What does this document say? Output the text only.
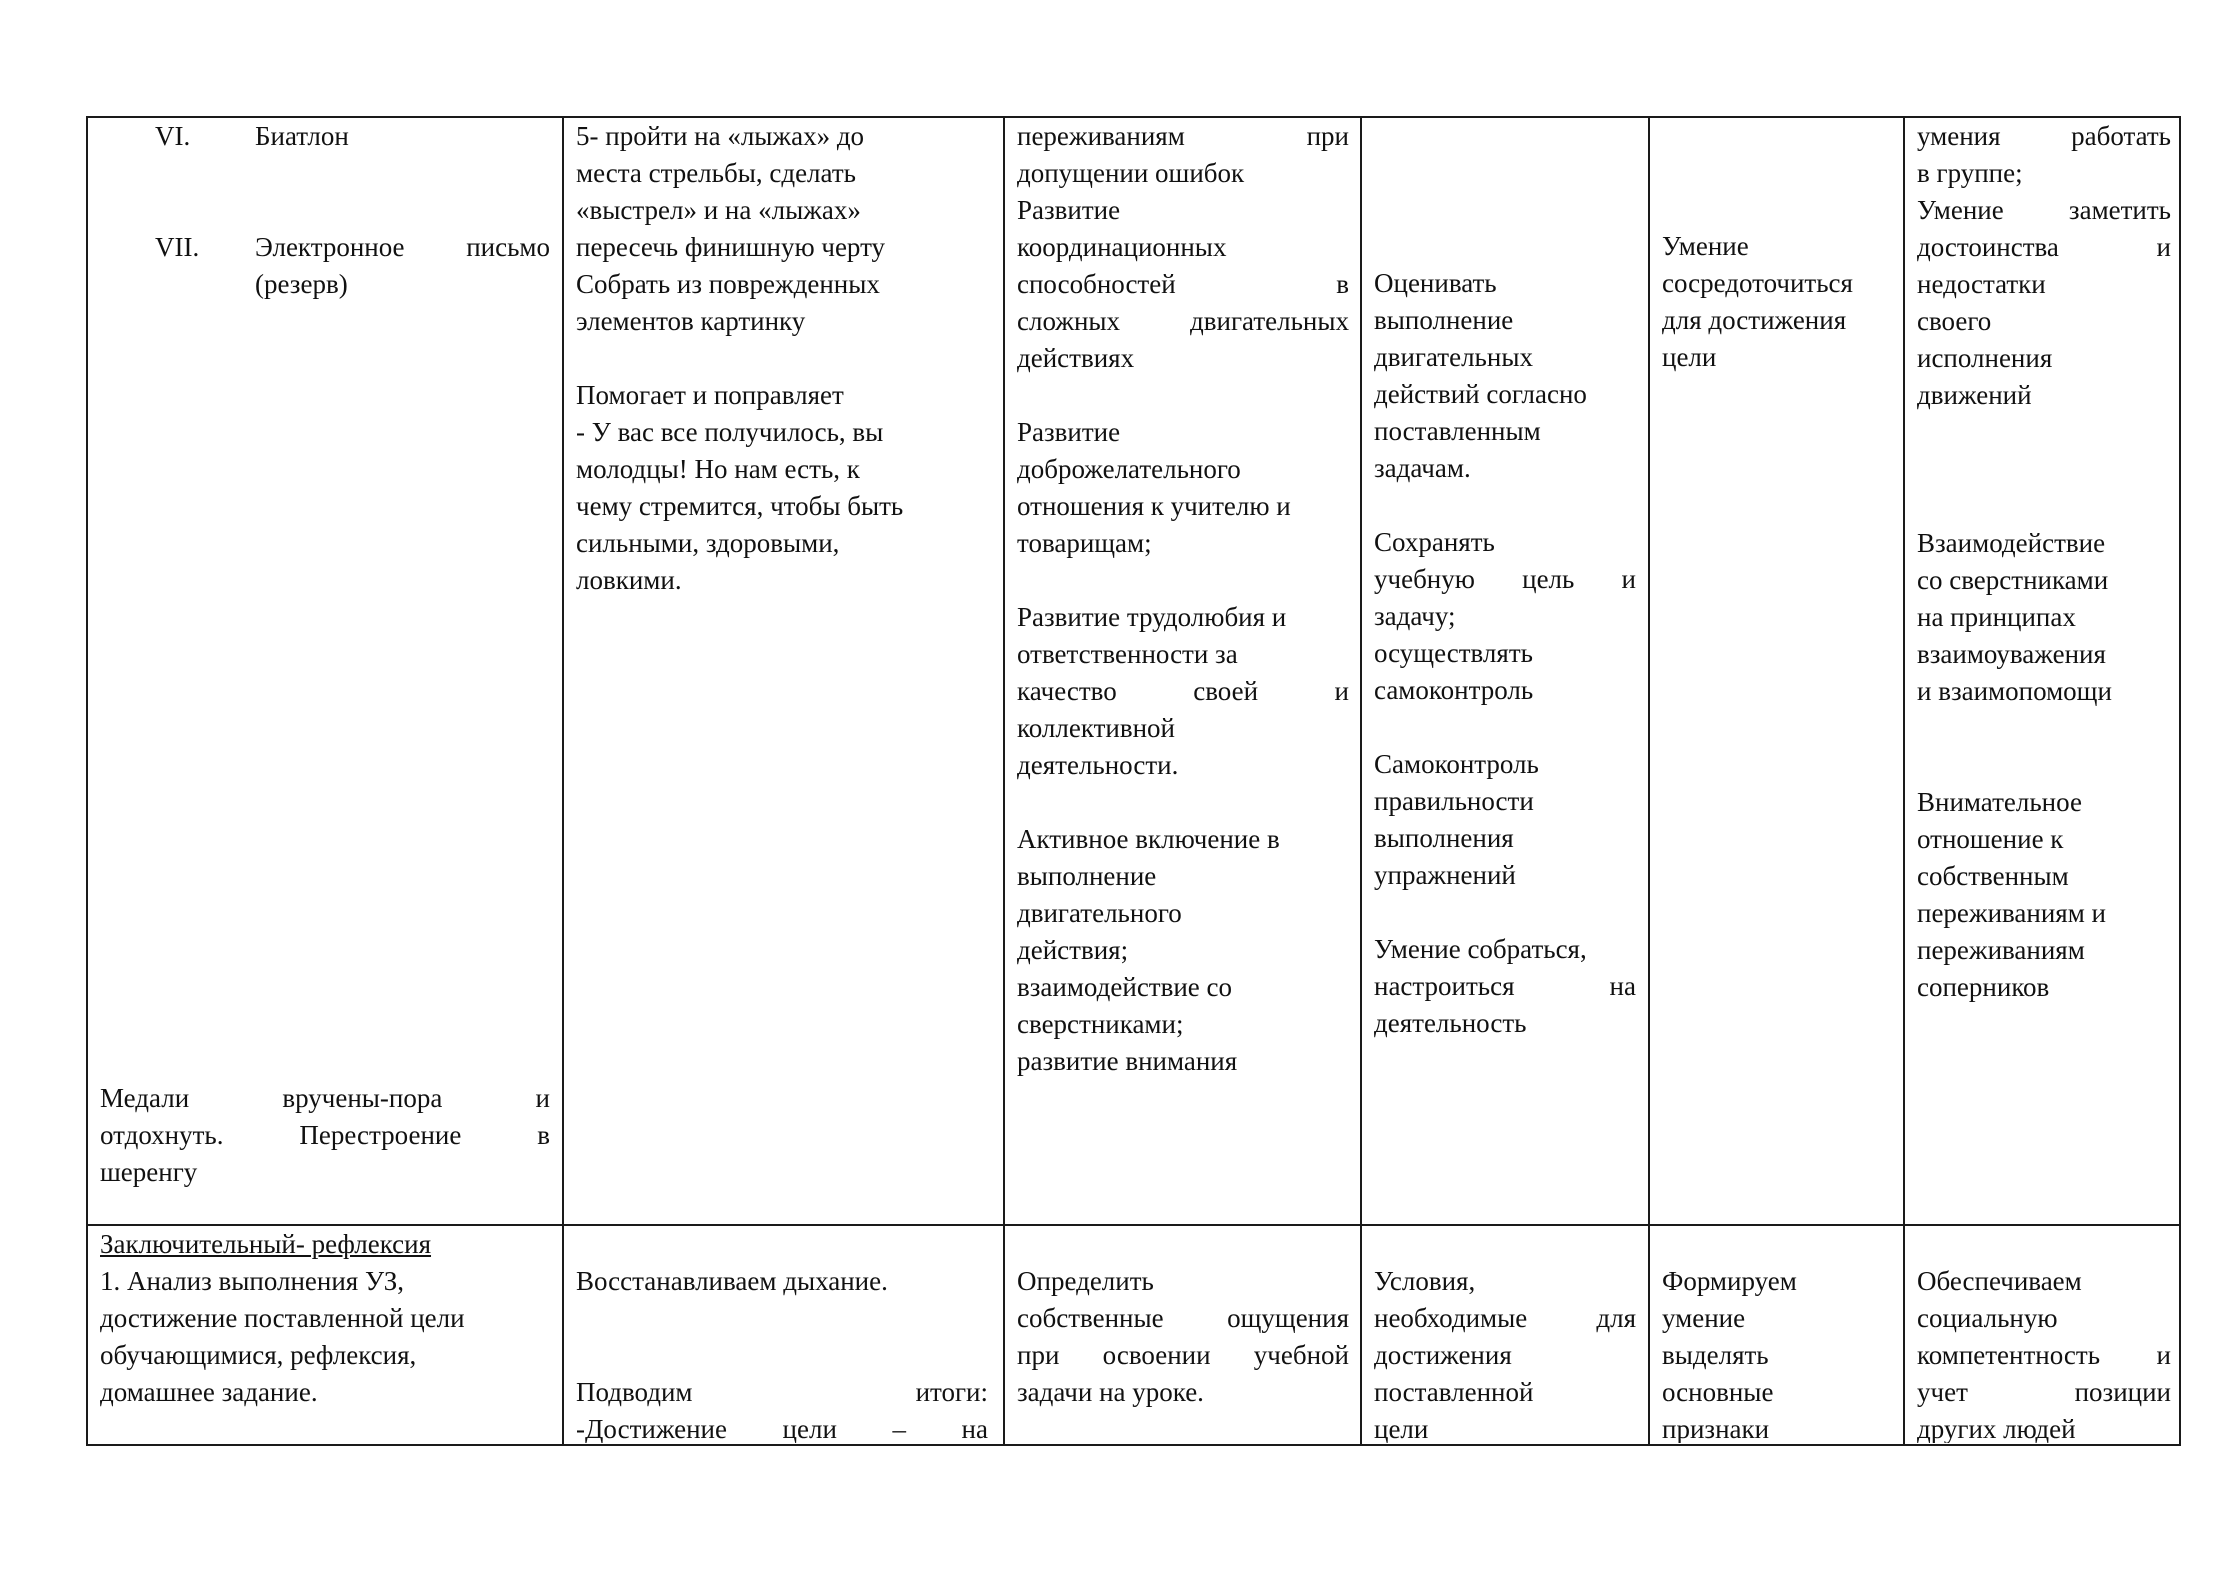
VI. Биатлон
VII. Электронное письмо
(резерв)

Медали вручены-пора и

отдохнуть. Перестроение в

шеренгу

5- пройти на «лыжах» до

места стрельбы, сделать

«выстрел» и на «лыжах»

пересечь финишную черту

Собрать из поврежденных

элементов картинку

Помогает и поправляет

- У вас все получилось, вы

молодцы! Но нам есть, к

чему стремится, чтобы быть

сильными, здоровыми,

ловкими.

переживаниям при

допущении ошибок

Развитие

координационных

способностей в

сложных двигательных

действиях

Развитие

доброжелательного

отношения к учителю и

товарищам;

Развитие трудолюбия и

ответственности за

качество своей и

коллективной

деятельности.

Активное включение в

выполнение

двигательного

действия;

взаимодействие со

сверстниками;

развитие внимания

Оценивать

выполнение

двигательных

действий согласно

поставленным

задачам.

Сохранять

учебную цель и

задачу;

осуществлять

самоконтроль

Самоконтроль

правильности

выполнения

упражнений

Умение собраться,

настроиться на

деятельность

Умение

сосредоточиться

для достижения

цели

умения работать

в группе;

Умение заметить

достоинства и

недостатки

своего

исполнения

движений

Взаимодействие

со сверстниками

на принципах

взаимоуважения

и взаимопомощи

Внимательное

отношение к

собственным

переживаниям и

переживаниям

соперников

Заключительный- рефлексия

1. Анализ выполнения УЗ,

достижение поставленной цели

обучающимися, рефлексия,

домашнее задание.

Восстанавливаем дыхание.

Подводим итоги:

-Достижение цели – на

Определить

собственные ощущения

при освоении учебной

задачи на уроке.

Условия,

необходимые для

достижения

поставленной

цели

Формируем

умение

выделять

основные

признаки

Обеспечиваем

социальную

компетентность и

учет позиции

других людей
